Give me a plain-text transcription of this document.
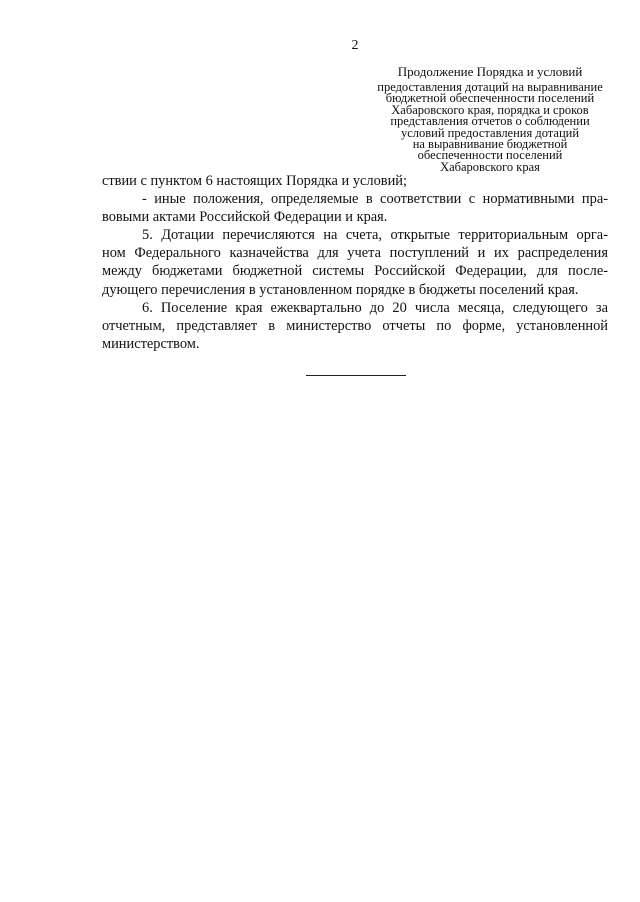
2
Продолжение Порядка и условий
предоставления дотаций на выравнивание
бюджетной обеспеченности поселений
Хабаровского края, порядка и сроков
представления отчетов о соблюдении
условий предоставления дотаций
на выравнивание бюджетной
обеспеченности поселений
Хабаровского края
ствии с пунктом 6 настоящих Порядка и условий;
- иные положения, определяемые в соответствии с нормативными пра-
вовыми актами Российской Федерации и края.
5. Дотации перечисляются на счета, открытые территориальным орга-
ном Федерального казначейства для учета поступлений и их распределения
между бюджетами бюджетной системы Российской Федерации, для после-
дующего перечисления в установленном порядке в бюджеты поселений края.
6. Поселение края ежеквартально до 20 числа месяца, следующего за
отчетным, представляет в министерство отчеты по форме, установленной
министерством.
